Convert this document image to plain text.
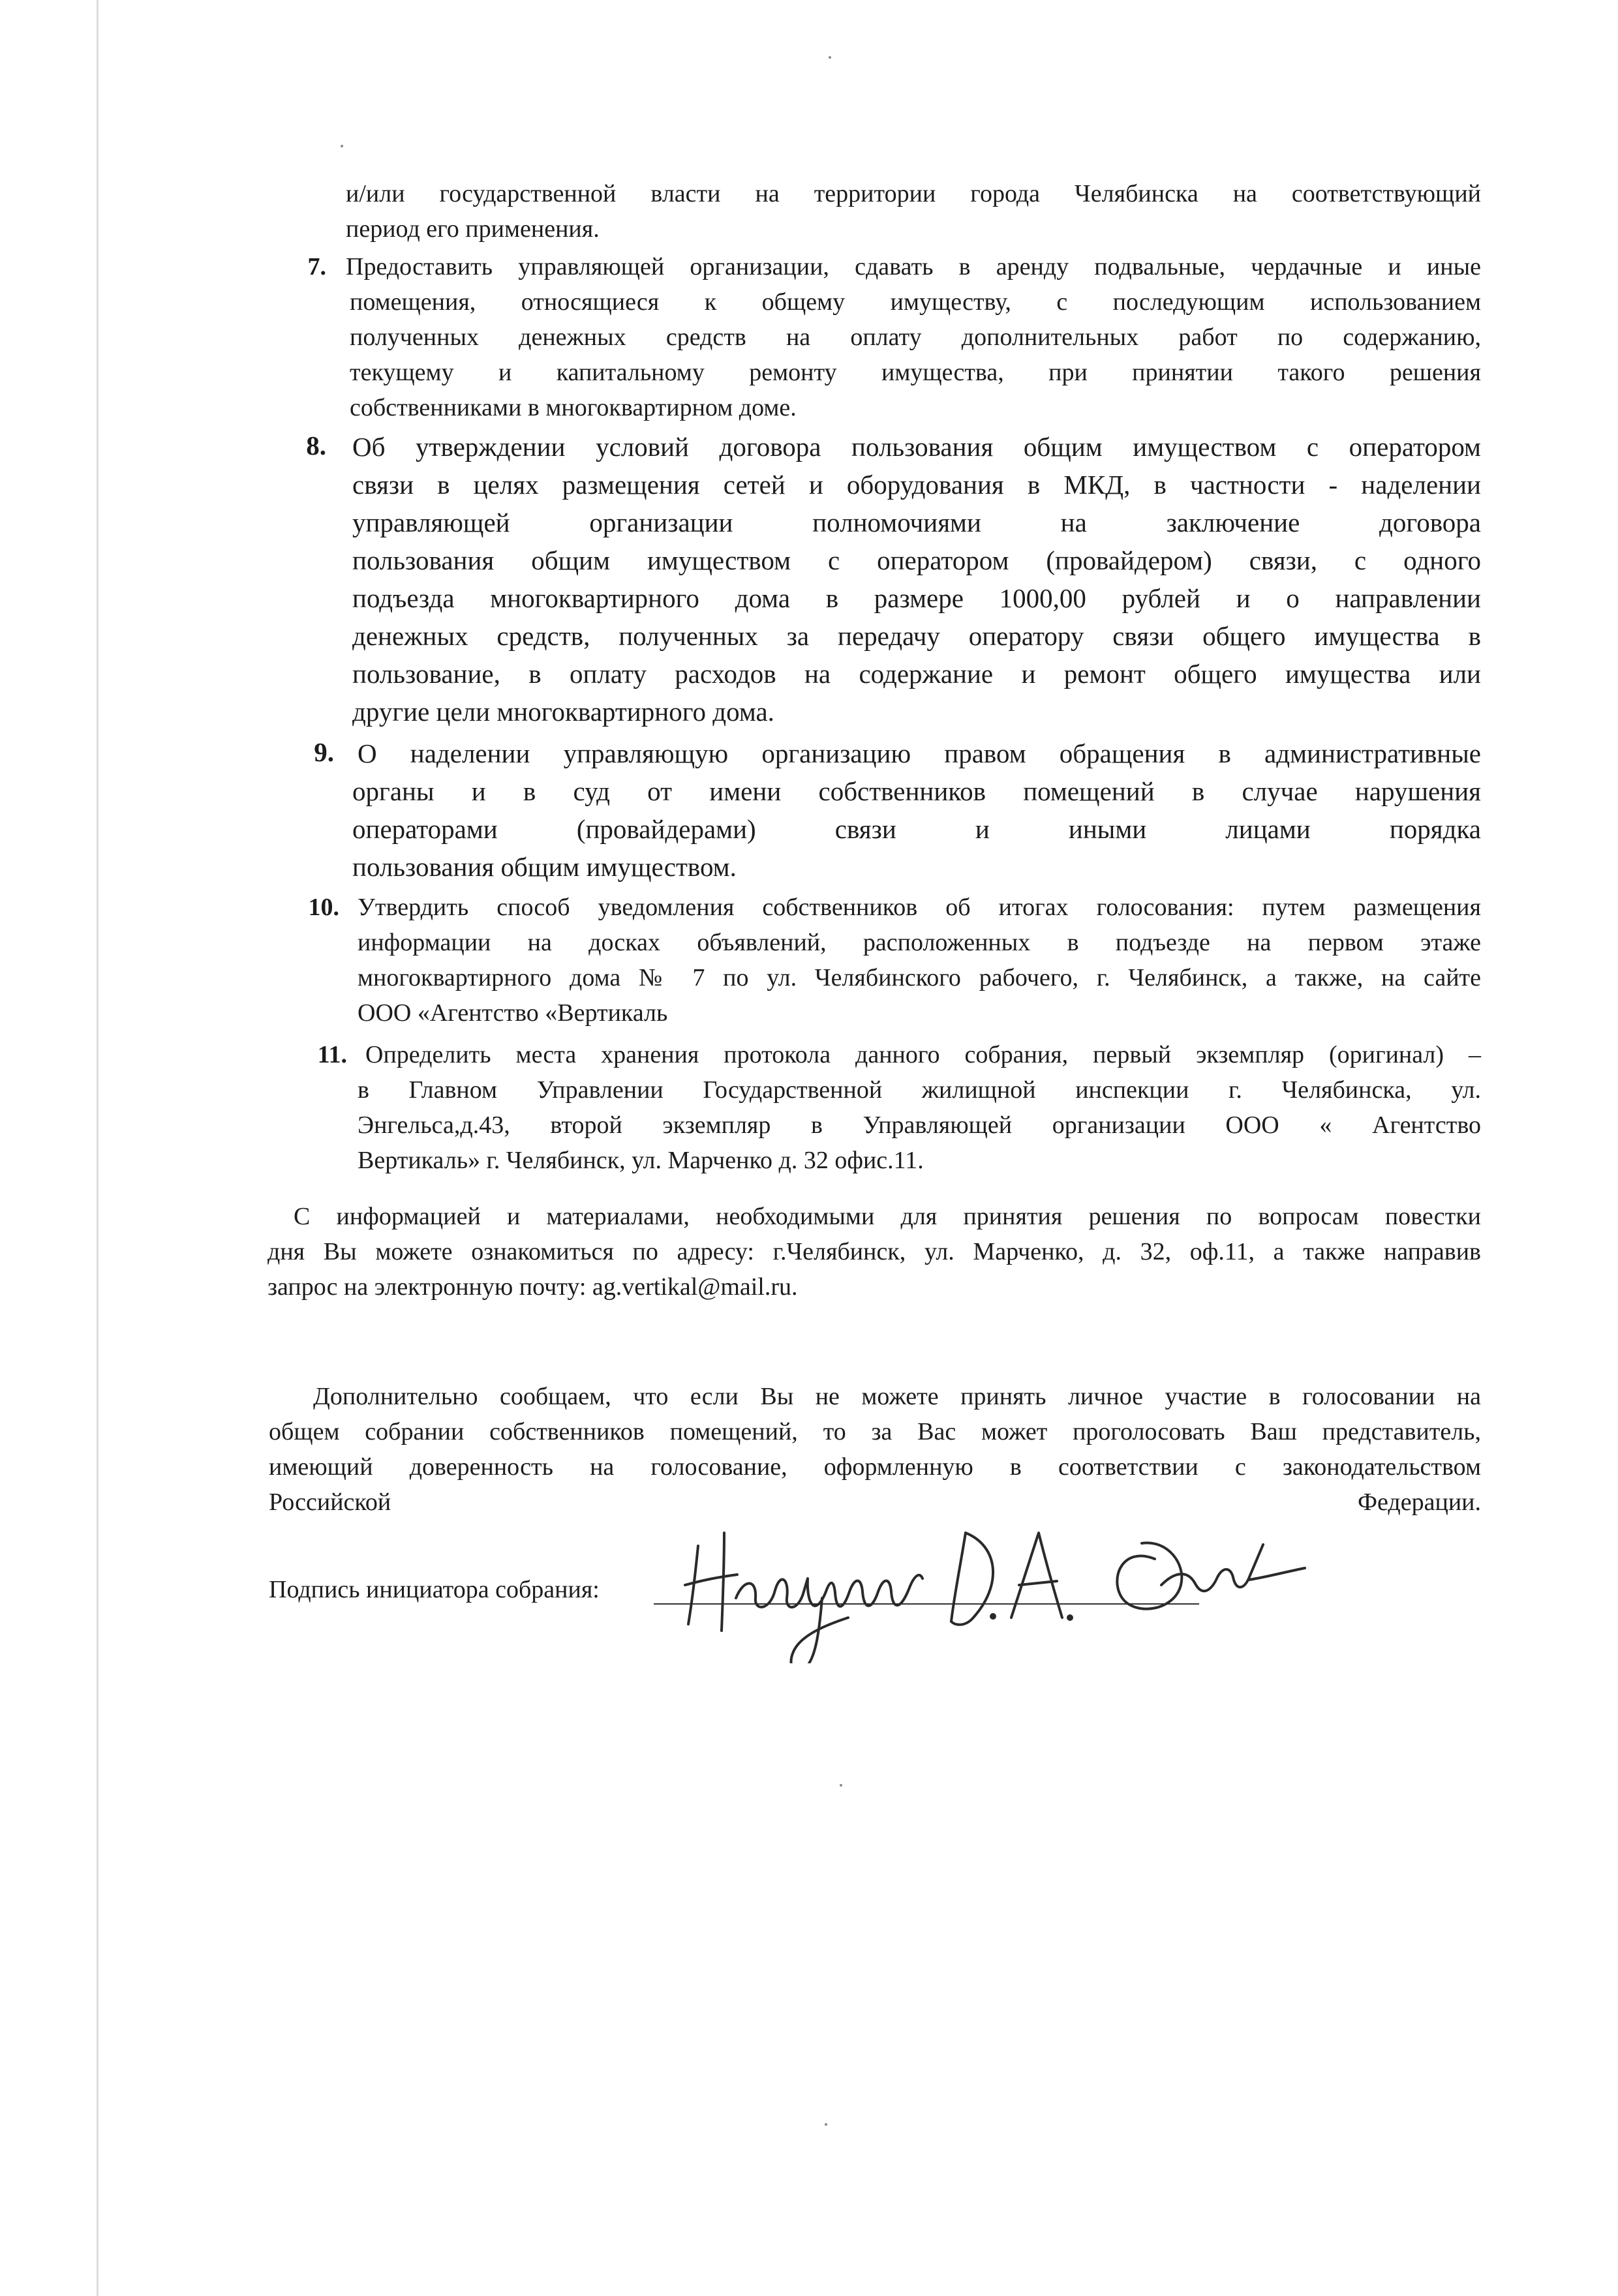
и/или государственной власти на территории города Челябинска на соответствующий
период его применения.
7. Предоставить управляющей организации, сдавать в аренду подвальные, чердачные и иные
помещения, относящиеся к общему имуществу, с последующим использованием
полученных денежных средств на оплату дополнительных работ по содержанию,
текущему и капитальному ремонту имущества, при принятии такого решения
собственниками в многоквартирном доме.
8. Об утверждении условий договора пользования общим имуществом с оператором
связи в целях размещения сетей и оборудования в МКД, в частности - наделении
управляющей организации полномочиями на заключение договора
пользования общим имуществом с оператором (провайдером) связи, с одного
подъезда многоквартирного дома в размере 1000,00 рублей и о направлении
денежных средств, полученных за передачу оператору связи общего имущества в
пользование, в оплату расходов на содержание и ремонт общего имущества или
другие цели многоквартирного дома.
9. О наделении управляющую организацию правом обращения в административные
органы и в суд от имени собственников помещений в случае нарушения
операторами (провайдерами) связи и иными лицами порядка
пользования общим имуществом.
10. Утвердить способ уведомления собственников об итогах голосования: путем размещения
информации на досках объявлений, расположенных в подъезде на первом этаже
многоквартирного дома № 7 по ул. Челябинского рабочего, г. Челябинск, а также, на сайте
ООО «Агентство «Вертикаль
11. Определить места хранения протокола данного собрания, первый экземпляр (оригинал) –
в Главном Управлении Государственной жилищной инспекции г. Челябинска, ул.
Энгельса,д.43, второй экземпляр в Управляющей организации ООО « Агентство
Вертикаль» г. Челябинск, ул. Марченко д. 32 офис.11.
С информацией и материалами, необходимыми для принятия решения по вопросам повестки
дня Вы можете ознакомиться по адресу: г.Челябинск, ул. Марченко, д. 32, оф.11, а также направив
запрос на электронную почту: ag.vertikal@mail.ru.
Дополнительно сообщаем, что если Вы не можете принять личное участие в голосовании на
общем собрании собственников помещений, то за Вас может проголосовать Ваш представитель,
имеющий доверенность на голосование, оформленную в соответствии с законодательством
Российской	Федерации.
Подпись инициатора собрания:
